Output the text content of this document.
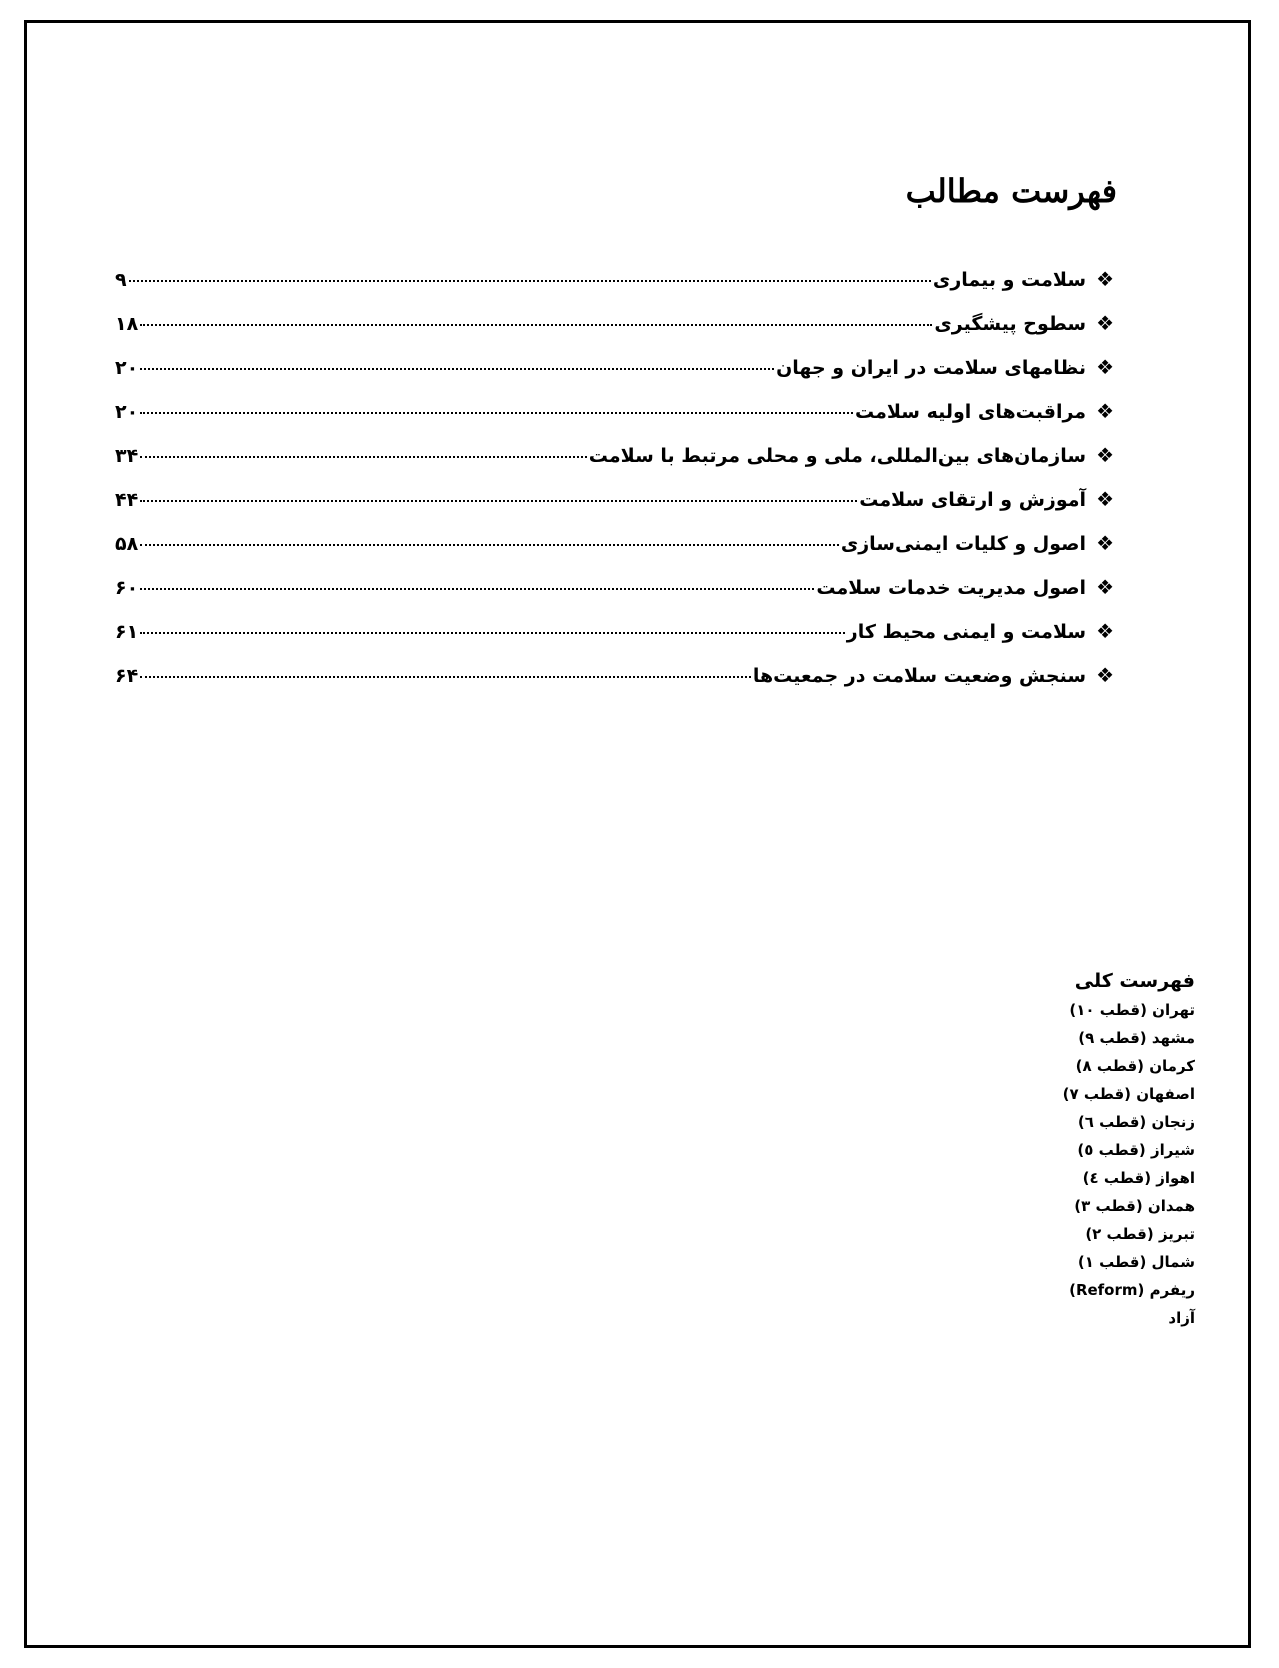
فهرست مطالب
❖
سلامت و بیماری
۹
❖
سطوح پیشگیری
۱۸
❖
نظامهای سلامت در ایران و جهان
۲۰
❖
مراقبت‌های اولیه سلامت
۲۰
❖
سازمان‌های بین‌المللی، ملی و محلی مرتبط با سلامت
۳۴
❖
آموزش و ارتقای سلامت
۴۴
❖
اصول و کلیات ایمنی‌سازی
۵۸
❖
اصول مدیریت خدمات سلامت
۶۰
❖
سلامت و ایمنی محیط کار
۶۱
❖
سنجش وضعیت سلامت در جمعیت‌ها
۶۴
فهرست کلی
تهران (قطب ۱۰)
مشهد (قطب ۹)
کرمان (قطب ۸)
اصفهان (قطب ۷)
زنجان (قطب ٦)
شیراز (قطب ٥)
اهواز (قطب ٤)
همدان (قطب ۳)
تبریز (قطب ۲)
شمال (قطب ۱)
ریفرم (Reform)
آزاد
